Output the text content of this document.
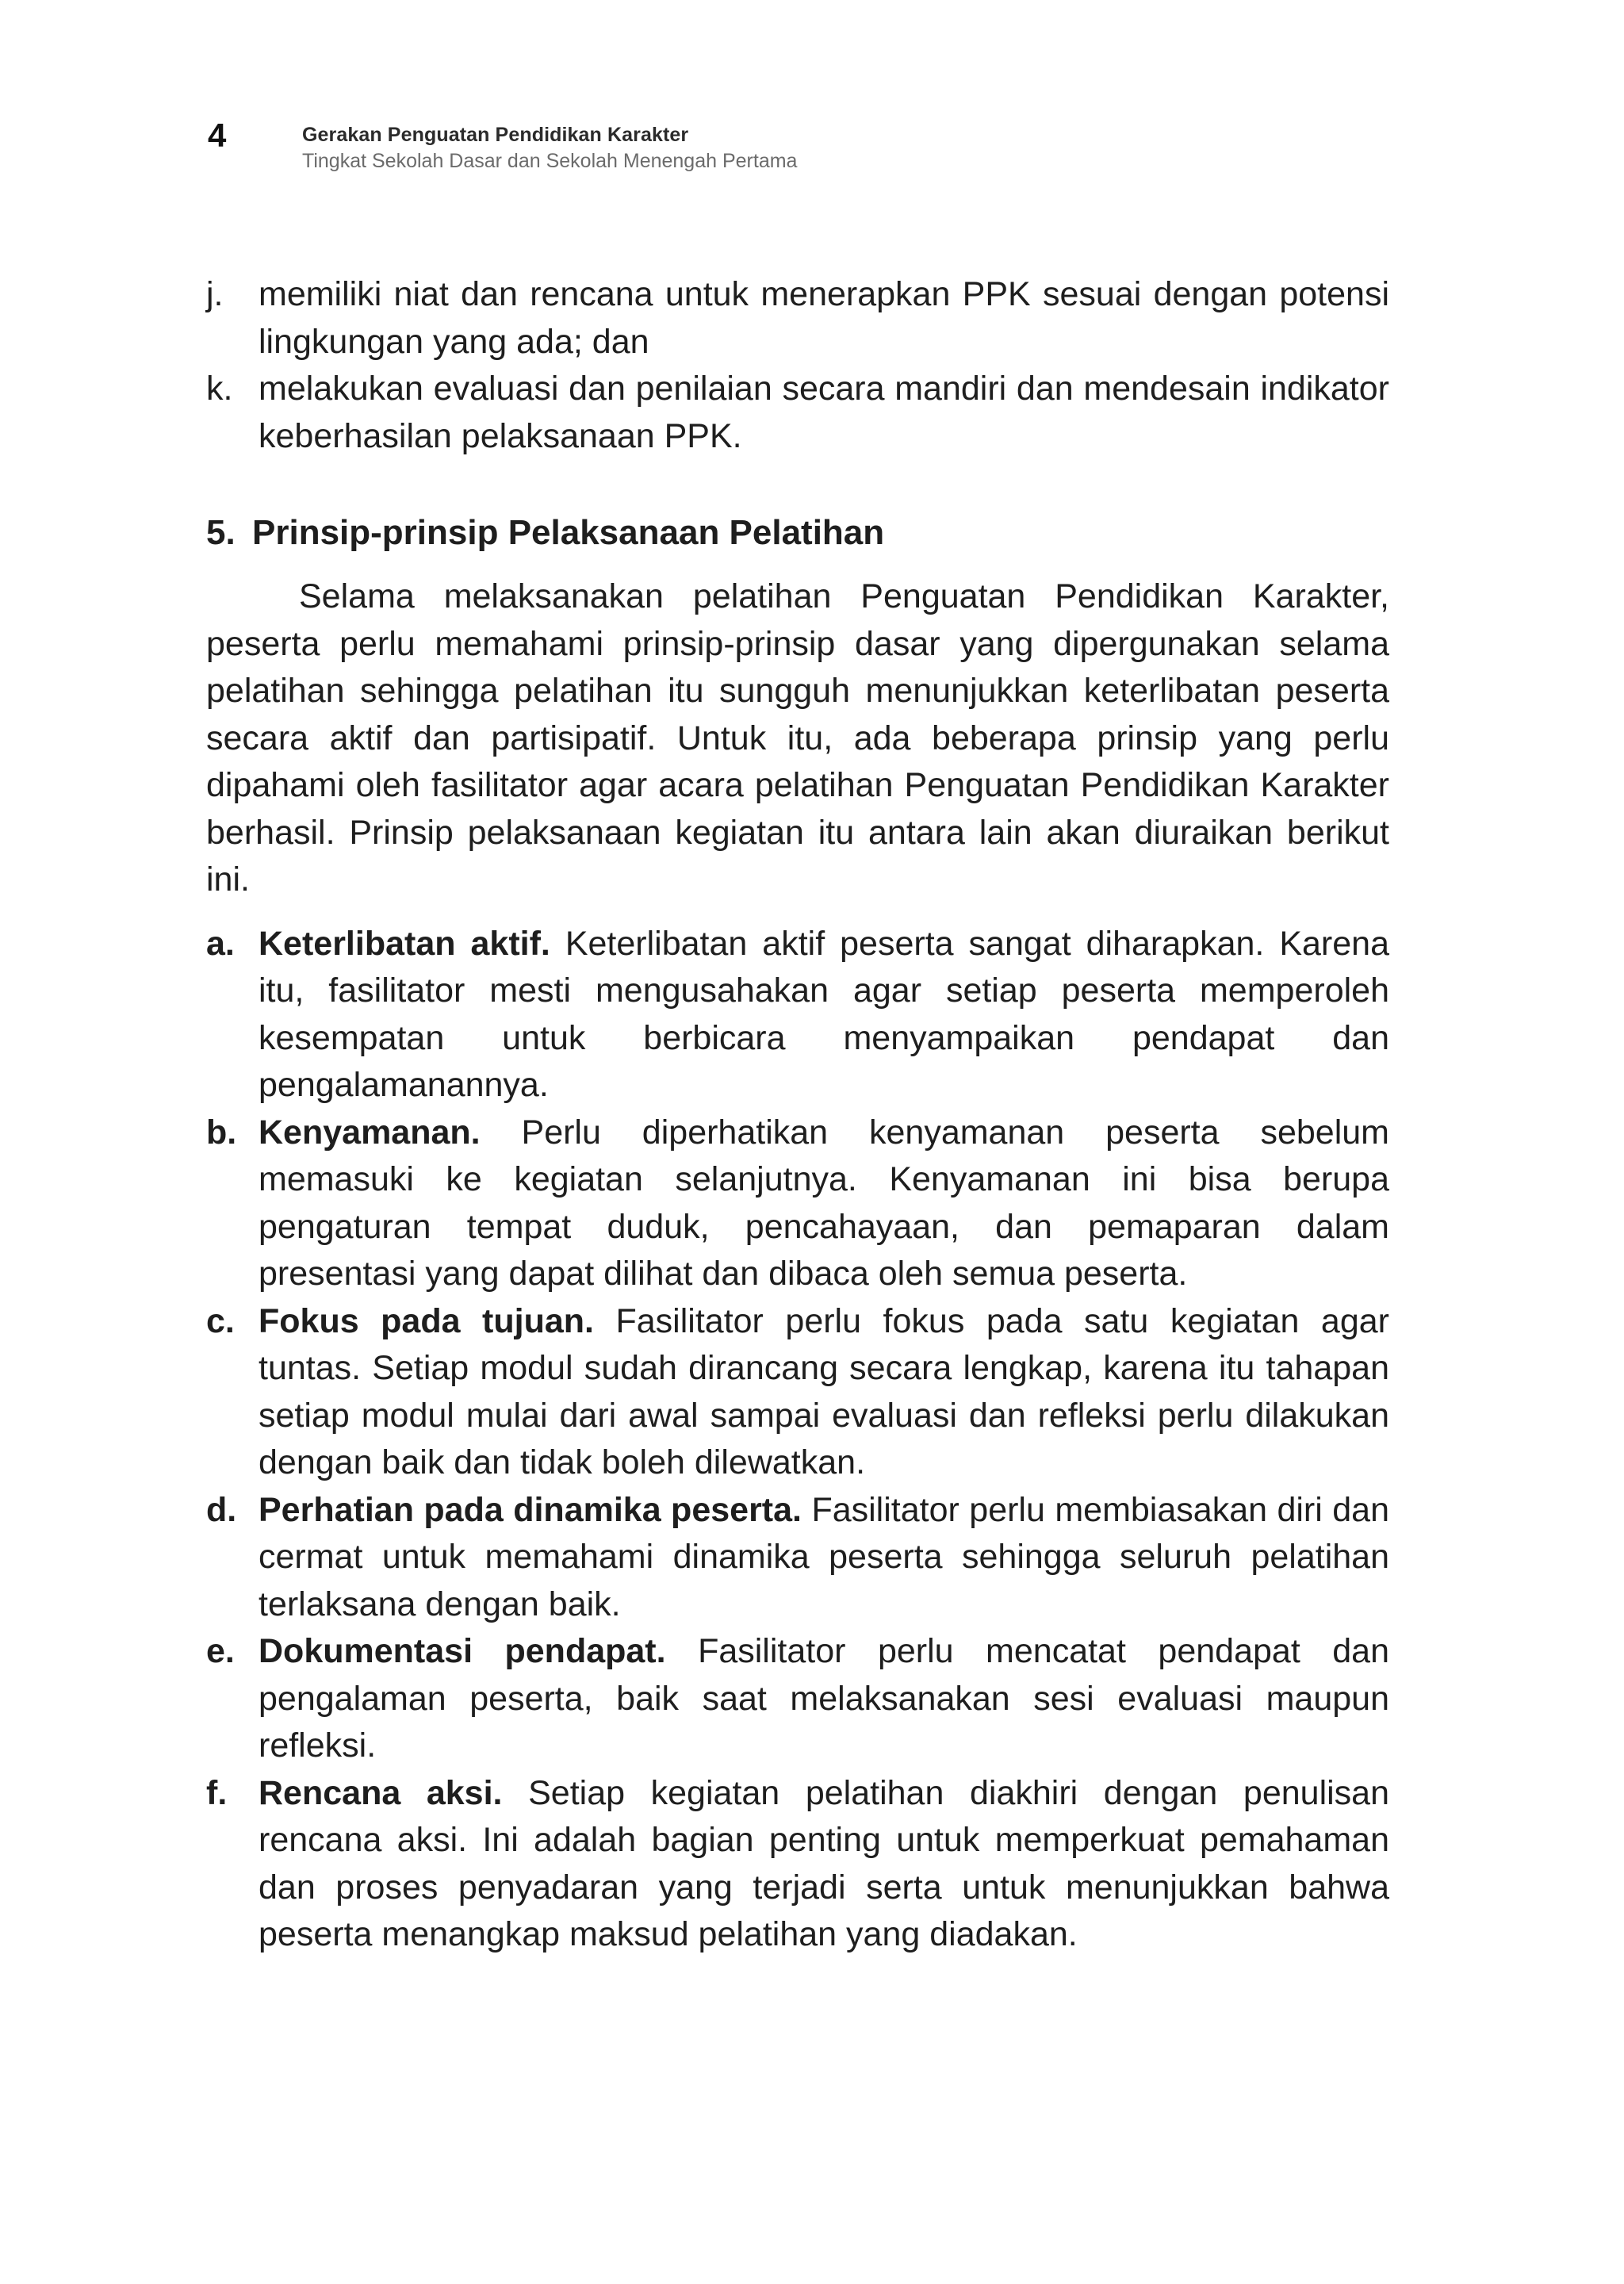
4	Gerakan Penguatan Pendidikan Karakter
Tingkat Sekolah Dasar dan Sekolah Menengah Pertama
j.	memiliki niat dan rencana untuk menerapkan PPK sesuai dengan potensi lingkungan yang ada; dan
k. melakukan evaluasi dan penilaian secara mandiri dan mendesain indikator keberhasilan pelaksanaan PPK.
5. Prinsip-prinsip Pelaksanaan Pelatihan
Selama melaksanakan pelatihan Penguatan Pendidikan Karakter, peserta perlu memahami prinsip-prinsip dasar yang dipergunakan selama pelatihan sehingga pelatihan itu sungguh menunjukkan keterlibatan peserta secara aktif dan partisipatif. Untuk itu, ada beberapa prinsip yang perlu dipahami oleh fasilitator agar acara pelatihan Penguatan Pendidikan Karakter berhasil. Prinsip pelaksanaan kegiatan itu antara lain akan diuraikan berikut ini.
a. Keterlibatan aktif. Keterlibatan aktif peserta sangat diharapkan. Karena itu, fasilitator mesti mengusahakan agar setiap peserta memperoleh kesempatan untuk berbicara menyampaikan pendapat dan pengalamanannya.
b. Kenyamanan. Perlu diperhatikan kenyamanan peserta sebelum memasuki ke kegiatan selanjutnya. Kenyamanan ini bisa berupa pengaturan tempat duduk, pencahayaan, dan pemaparan dalam presentasi yang dapat dilihat dan dibaca oleh semua peserta.
c. Fokus pada tujuan. Fasilitator perlu fokus pada satu kegiatan agar tuntas. Setiap modul sudah dirancang secara lengkap, karena itu tahapan setiap modul mulai dari awal sampai evaluasi dan refleksi perlu dilakukan dengan baik dan tidak boleh dilewatkan.
d. Perhatian pada dinamika peserta. Fasilitator perlu membiasakan diri dan cermat untuk memahami dinamika peserta sehingga seluruh pelatihan terlaksana dengan baik.
e. Dokumentasi pendapat. Fasilitator perlu mencatat pendapat dan pengalaman peserta, baik saat melaksanakan sesi evaluasi maupun refleksi.
f. Rencana aksi. Setiap kegiatan pelatihan diakhiri dengan penulisan rencana aksi. Ini adalah bagian penting untuk memperkuat pemahaman dan proses penyadaran yang terjadi serta untuk menunjukkan bahwa peserta menangkap maksud pelatihan yang diadakan.
